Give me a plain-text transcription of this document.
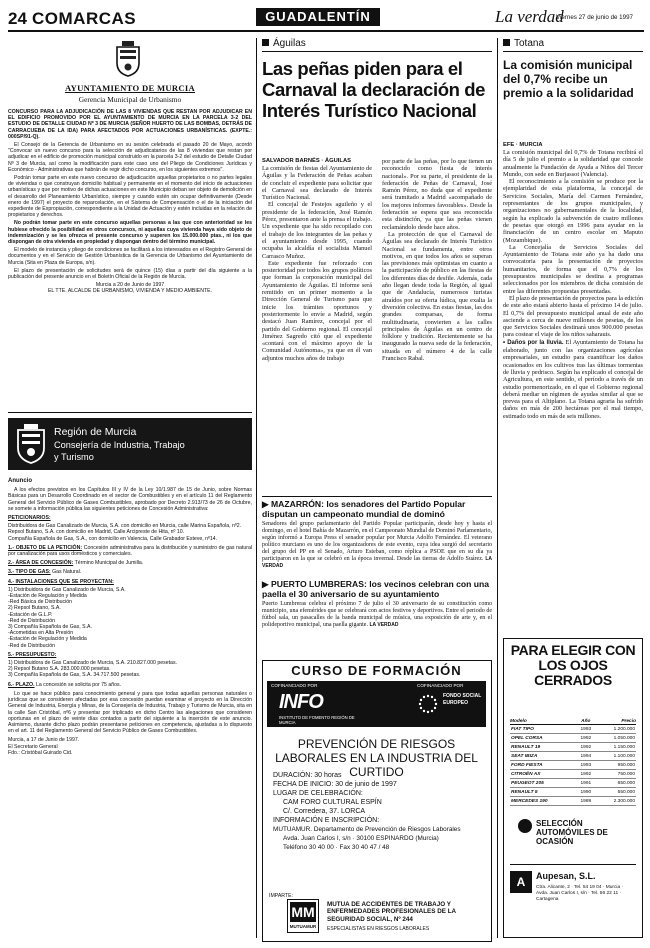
24 COMARCAS	GUADALENTÍN	La verdad
Viernes 27 de junio de 1997
AYUNTAMIENTO DE MURCIA
Gerencia Municipal de Urbanismo

CONCURSO PARA LA ADJUDICACIÓN DE LAS 8 VIVIENDAS QUE RESTAN POR ADJUDICAR EN EL EDIFICIO PROMOVIDO POR EL AYUNTAMIENTO DE MURCIA EN LA PARCELA 3-2 DEL ESTUDIO DE DETALLE CIUDAD Nº 3 DE MURCIA (SEÑOR HUERTO DE LAS BOMBAS, DETRÁS DE CARRACUEBA DE LA IDA) PARA AFECTADOS POR ACTUACIONES URBANÍSTICAS. (EXPTE.: 000SP/91-Q).

El Consejo de la Gerencia de Urbanismo en su sesión celebrada el pasado 20 de Mayo, acordó "Convocar un nuevo concurso para la selección de adjudicatarios de las 8 viviendas que restan por adjudicar en el edificio de promoción municipal construido en la parcela 3-2 del estudio de Detalle Ciudad Nº 3 de Murcia, así como la modificación para este caso uno del Pliego de Condiciones Jurídicas y Económico - Administrativas que habrán de regir dicho concurso, en los siguientes extremos".

Podrán tomar parte en este nuevo concurso de adjudicación aquellas propietarios o no partes legales de viviendas o que construyan domicilio habitual y permanente en el momento del inicio de actuaciones urbanísticas y que por motivo de dichas actuaciones en este Municipio deban ser objeto de demolición en el desarrollo del Planeamiento Urbanístico, siempre y cuando estén sin ocupar definitivamente (Desde enero de 1997) el proyecto de reparcelación, en el Sistema de Compensación o el de la iniciación del expediente de Expropiación, correspondiente a la Unidad de Actuación y estén incluidas en la relación de propietarios y derechos.

No podrán tomar parte en este concurso aquellas personas a las que con anterioridad se les hubiese ofrecido la posibilidad en otros concursos, ni aquellas cuya vivienda haya sido objeto de indemnización y se les ofrezca el presente concurso y superen los 15.000.000 ptas., ni los que dispongan de otra vivienda en propiedad y dispongan dentro del término municipal.

El modelo de instancia y pliego de condiciones se facilitará a los interesados en el Registro General de documentos y en el Servicio de Gestión Urbanística de la Gerencia de Urbanismo del Ayuntamiento de Murcia (Sita en Plaza de Europa, s/n).

El plazo de presentación de solicitudes será de quince (15) días a partir del día siguiente a la publicación del presente anuncio en el Boletín Oficial de la Región de Murcia.

Murcia a 20 de Junio de 1997

EL TTE. ALCALDE DE URBANISMO, VIVIENDA Y MEDIO AMBIENTE.

Región de Murcia
Consejería de Industria, Trabajo
y Turismo

Anuncio

A los efectos previstos en los Capítulos III y IV de la Ley 10/1.987 de 15 de Junio, sobre Normas Básicas para un Desarrollo Coordinado en el sector de Combustibles y en el artículo 11 del Reglamento General del Servicio Público de Gases Combustibles, aprobado por Decreto 2.913/73 de 26 de Octubre, se somete a información pública las siguientes peticiones de Concesión Administrativa:

PETICIONARIOS:

Distribuidora de Gas Canalizado de Murcia, S.A. con domicilio en Murcia, calle Marina Española, nº2.

Repsol Butano, S.A. con domicilio en Madrid, Calle Arcipreste de Hita, nº 10.

Compañía Española de Gas, S.A., con domicilio en Valencia, Calle Grabador Esteve, nº14.

1.- OBJETO DE LA PETICIÓN: Concesión administrativa para la distribución y suministro de gas natural por canalización para usos domésticos y comerciales.

2.- ÁREA DE CONCESIÓN: Término Municipal de Jumilla.

3.- TIPO DE GAS: Gas Natural.

4.- INSTALACIONES QUE SE PROYECTAN:

1) Distribuidora de Gas Canalizado de Murcia, S.A.

-Estación de Regulación y Medida

-Red Básica de Distribución

2) Repsol Butano, S.A.

-Estación de G.L.P.

-Red de Distribución

3) Compañía Española de Gas, S.A.

-Acometidas en Alta Presión

-Estación de Regulación y Medida

-Red de Distribución

5.- PRESUPUESTO:

1) Distribuidora de Gas Canalizado de Murcia, S.A. 210.827.000 pesetas.

2) Repsol Butano S.A. 283.000.000 pesetas.

3) Compañía Española de Gas, S.A. 34.717.500 pesetas.

6.- PLAZO. La concesión se solicita por 75 años.

Lo que se hace público para conocimiento general y para que todas aquellas personas naturales o jurídicas que se consideren afectadas por esa concesión puedan examinar el proyecto en la Dirección General de Industria, Energía y Minas, de la Consejería de Industria, Trabajo y Turismo de Murcia, sita en la calle San Cristóbal, nº6 y presentar por triplicado en dicho Centro las alegaciones que consideren oportunas en el plazo de veinte días contados a partir del siguiente a la inserción de este anuncio. Asimismo, durante dicho plazo podrán presentarse peticiones en competencia, ajustadas a lo dispuesto en el art. 11 del Reglamento General del Servicio Público de Gases Combustibles.

Murcia, a 17 de Junio de 1997.

El Secretario General

Fdo.: Cristóbal Guirado Cid.

Águilas
Las peñas piden para el Carnaval la declaración de Interés Turístico Nacional

SALVADOR BARNÉS · ÁGUILAS

La comisión de fiestas del Ayuntamiento de Águilas y la Federación de Peñas acaban de concluir el expediente para solicitar que el Carnaval sea declarado de Interés Turístico Nacional.

El concejal de Festejos aguileño y el presidente de la federación, José Ramón Pérez, presentaron ante la prensa el trabajo. Un expediente que ha sido recopilado con el trabajo de los integrantes de las peñas y el ayuntamiento desde 1995, cuando ocupaba la alcaldía el socialista Manuel Carrasco Muñoz.

Este expediente fue reforzado con posterioridad por todos los grupos políticos que forman la corporación municipal del Ayuntamiento de Águilas. El informe será remitido en un primer momento a la Dirección General de Turismo para que inicie los trámites oportunos y posteriormente lo envíe a Madrid, según destacó Juan Ramírez, concejal por el partido del Gobierno regional. El concejal Jiménez Sagredo citó que el expediente «contará con el máximo apoyo de la Comunidad Autónoma», ya que en él van adjuntos muchos años de trabajo

por parte de las peñas, por lo que tienen un reconocido como fiesta de interés nacional». Por su parte, el presidente de la federación de Peñas de Carnaval, José Ramón Pérez, no duda que el expediente será tramitado a Madrid «acompañado de los mejores informes favorables». Desde la federación se espera que sea reconocida esta distinción, ya que las peñas vienen reclamándolo desde hace años.

La protección de que el Carnaval de Águilas sea declarado de Interés Turístico Nacional se fundamenta, entre otros motivos, en que todos los años se superan las previsiones más optimistas en cuanto a la participación de público en las fiestas de los diferentes días de desfile. Además, cada año llegan desde toda la Región, al igual que de Andalucía, numerosos turistas atraídos por su oferta lúdica, que exalta la diversión colectiva. En estas fiestas, las dos grandes comparsas, de forma multitudinaria, convierten a las calles principales de Águilas en un centro de folklore y tradición. Recientemente se ha inaugurado la nueva sede de la federación, situada en el número 4 de la calle Francisco Rabal.

▶ MAZARRÓN: los senadores del Partido Popular disputan un campeonato mundial de dominó

Senadores del grupo parlamentario del Partido Popular participarán, desde hoy y hasta el domingo, en el hotel Bahía de Mazarrón, en el Campeonato Mundial de Dominó Parlamentario, según informó a Europa Press el senador popular por Murcia Adolfo Fernández. El veterano político murciano es uno de los organizadores de este evento, cuya idea surgió del secretario del grupo del PP en el Senado, Arturo Esteban, como réplica a PSOE que en su día ya participaron en la que se celebró en la época invernal. Desde las tierras de Adolfo Suárez. LA VERDAD

▶ PUERTO LUMBRERAS: los vecinos celebran con una paella el 30 aniversario de su ayuntamiento

Puerto Lumbreras celebra el próximo 7 de julio el 30 aniversario de su constitución como municipio, una efemérides que se celebrará con actos festivos y deportivos. Entre el periodo de fútbol sala, un pasacalles de la banda municipal de música, una exposición de arte y, en el polideportivo municipal, una paella gigante. LA VERDAD

CURSO DE FORMACIÓN
COFINANCIADO POR	COFINANCIADO POR
INFO
INSTITUTO DE FOMENTO REGIÓN DE MURCIA
FONDO SOCIAL EUROPEO
PREVENCIÓN DE RIESGOS LABORALES EN LA INDUSTRIA DEL CURTIDO

DURACIÓN: 30 horas

FECHA DE INICIO: 30 de junio de 1997

LUGAR DE CELEBRACIÓN:

CAM FORO CULTURAL ESPÍN

C/. Corredera, 37. LORCA

INFORMACIÓN E INSCRIPCIÓN:

MUTUAMUR. Departamento de Prevención de Riesgos Laborales

Avda. Juan Carlos I, s/n · 30100 ESPINARDO (Murcia)

Teléfono 30 40 00 · Fax 30 40 47 / 48

IMPARTE:
MM
MUTUAMUR
MUTUA DE ACCIDENTES DE TRABAJO Y ENFERMEDADES PROFESIONALES DE LA SEGURIDAD SOCIAL, Nº 244
ESPECIALISTAS EN RIESGOS LABORALES
Totana
La comisión municipal del 0,7% recibe un premio a la solidaridad

EFE · MURCIA

La comisión municipal del 0,7% de Totana recibirá el día 5 de julio el premio a la solidaridad que concede anualmente la Fundación de Ayuda a Niños del Tercer Mundo, con sede en Burjassot (Valencia).

El reconocimiento a la comisión se produce por la ejemplaridad de esta plataforma, la concejal de Servicios Sociales, María del Carmen Fernández, representantes de los grupos municipales, y organizaciones no gubernamentales de la localidad, según ha explicado la subvención de cuatro millones de pesetas que otorgó en 1996 para ayudar en la financiación de un centro escolar en Maputo (Mozambique).

La Concejalía de Servicios Sociales del Ayuntamiento de Totana este año ya ha dado una convocatoria para la presentación de proyectos humanitarios, de forma que el 0,7% de los presupuestos municipales se destina a programas seleccionados por los miembros de dicha comisión de entre las diferentes propuestas presentadas.

El plazo de presentación de proyectos para la edición de este año estará abierto hasta el próximo 14 de julio. El 0,7% del presupuesto municipal anual de este año asciende a cerca de nueve millones de pesetas, de los que Servicios Sociales destinará unos 900.000 pesetas para costear el viaje de los niños saharauis.

• Daños por la lluvia. El Ayuntamiento de Totana ha elaborado, junto con las organizaciones agrícolas empresariales, un estudio para cuantificar los daños ocasionados en los cultivos tras las últimas tormentas de lluvia y pedrisco. Según ha explicado el concejal de Agricultura, en este sentido, el período a través de un estudio pormenorizado, en el que el Gobierno regional deberá mediar un régimen de ayudas similar al que se prevea para el Altiplano. La Totana agraria ha sufrido daños en más de 200 hectáreas por el mal tiempo, estimado todo en más de seis millones.

PARA ELEGIR CON LOS OJOS CERRADOS
Modelo	Año	Precio
FIAT TIPO	1993	1.200.000
OPEL CORSA	1992	1.050.000
RENAULT 19	1992	1.150.000
SEAT IBIZA	1994	1.100.000
FORD FIESTA	1993	950.000
CITROËN AX	1992	750.000
PEUGEOT 205	1991	650.000
RENAULT 5	1990	550.000
MERCEDES 190	1989	2.300.000
SELECCIÓN AUTOMÓVILES DE OCASIÓN
A	Aupesan, S.L.
Ctra. Alicante, 2 · Tel. 54 19 04 · Murcia · Avda. Juan Carlos I, s/n · Tel. 56 22 11 · Cartagena
